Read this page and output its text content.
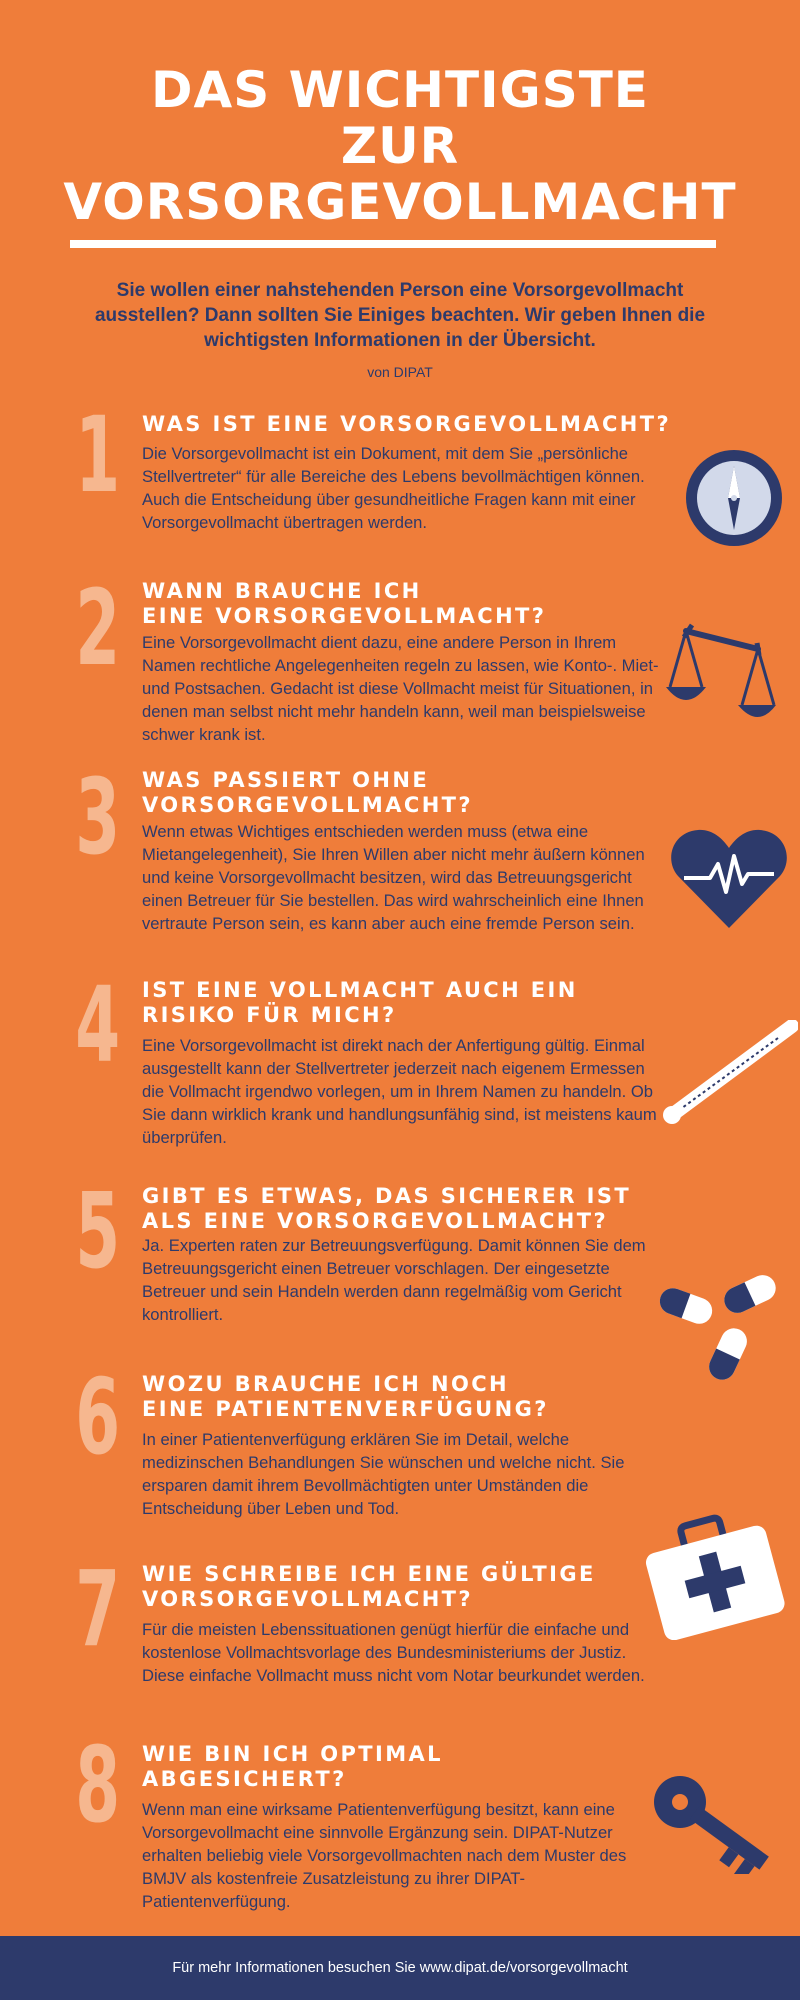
DAS WICHTIGSTE
ZUR
VORSORGEVOLLMACHT
Sie wollen einer nahstehenden Person eine Vorsorgevollmacht ausstellen? Dann sollten Sie Einiges beachten. Wir geben Ihnen die wichtigsten Informationen in der Übersicht.
von DIPAT
1 WAS IST EINE VORSORGEVOLLMACHT?
Die Vorsorgevollmacht ist ein Dokument, mit dem Sie „persönliche Stellvertreter“ für alle Bereiche des Lebens bevollmächtigen können. Auch die Entscheidung über gesundheitliche Fragen kann mit einer Vorsorgevollmacht übertragen werden.
2 WANN BRAUCHE ICH
EINE VORSORGEVOLLMACHT?
Eine Vorsorgevollmacht dient dazu, eine andere Person in Ihrem Namen rechtliche Angelegenheiten regeln zu lassen, wie Konto-. Miet- und Postsachen. Gedacht ist diese Vollmacht meist für Situationen, in denen man selbst nicht mehr handeln kann, weil man beispielsweise schwer krank ist.
3 WAS PASSIERT OHNE
VORSORGEVOLLMACHT?
Wenn etwas Wichtiges entschieden werden muss (etwa eine Mietangelegenheit), Sie Ihren Willen aber nicht mehr äußern können und keine Vorsorgevollmacht besitzen, wird das Betreuungsgericht einen Betreuer für Sie bestellen. Das wird wahrscheinlich eine Ihnen vertraute Person sein, es kann aber auch eine fremde Person sein.
4 IST EINE VOLLMACHT AUCH EIN
RISIKO FÜR MICH?
Eine Vorsorgevollmacht ist direkt nach der Anfertigung gültig. Einmal ausgestellt kann der Stellvertreter jederzeit nach eigenem Ermessen die Vollmacht irgendwo vorlegen, um in Ihrem Namen zu handeln. Ob Sie dann wirklich krank und handlungsunfähig sind, ist meistens kaum überprüfen.
5 GIBT ES ETWAS, DAS SICHERER IST
ALS EINE VORSORGEVOLLMACHT?
Ja. Experten raten zur Betreuungsverfügung. Damit können Sie dem Betreuungsgericht einen Betreuer vorschlagen. Der eingesetzte Betreuer und sein Handeln werden dann regelmäßig vom Gericht kontrolliert.
6 WOZU BRAUCHE ICH NOCH
EINE PATIENTENVERFÜGUNG?
In einer Patientenverfügung erklären Sie im Detail, welche medizinschen Behandlungen Sie wünschen und welche nicht. Sie ersparen damit ihrem Bevollmächtigten unter Umständen die Entscheidung über Leben und Tod.
7 WIE SCHREIBE ICH EINE GÜLTIGE
VORSORGEVOLLMACHT?
Für die meisten Lebenssituationen genügt hierfür die einfache und kostenlose Vollmachtsvorlage des Bundesministeriums der Justiz. Diese einfache Vollmacht muss nicht vom Notar beurkundet werden.
8 WIE BIN ICH OPTIMAL
ABGESICHERT?
Wenn man eine wirksame Patientenverfügung besitzt, kann eine Vorsorgevollmacht eine sinnvolle Ergänzung sein. DIPAT-Nutzer erhalten beliebig viele Vorsorgevollmachten nach dem Muster des BMJV als kostenfreie Zusatzleistung zu ihrer DIPAT-Patientenverfügung.
Für mehr Informationen besuchen Sie www.dipat.de/vorsorgevollmacht
